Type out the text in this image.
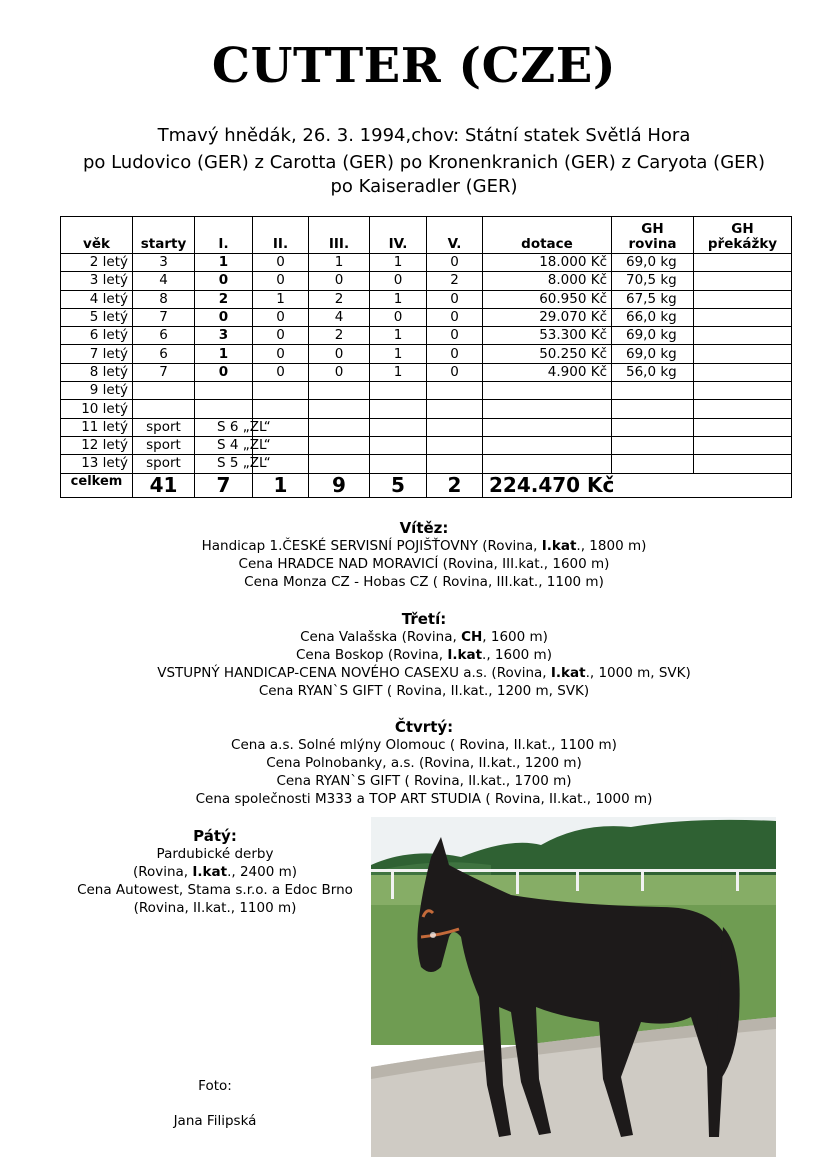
CUTTER (CZE)
Tmavý hnědák, 26. 3. 1994,chov: Státní statek Světlá Hora
po Ludovico (GER) z Carotta (GER) po Kronenkranich (GER) z Caryota (GER)
po Kaiseradler (GER)
věk	starty	I.	II.	III.	IV.	V.	dotace	GH rovina	GH překážky
2 letý	3	1	0	1	1	0	18.000 Kč	69,0 kg	
3 letý	4	0	0	0	0	2	8.000 Kč	70,5 kg	
4 letý	8	2	1	2	1	0	60.950 Kč	67,5 kg	
5 letý	7	0	0	4	0	0	29.070 Kč	66,0 kg	
6 letý	6	3	0	2	1	0	53.300 Kč	69,0 kg	
7 letý	6	1	0	0	1	0	50.250 Kč	69,0 kg	
8 letý	7	0	0	0	1	0	4.900 Kč	56,0 kg	
9 letý									
10 letý									
11 letý	sport	S 6 „ZL“							
12 letý	sport	S 4 „ZL“							
13 letý	sport	S 5 „ZL“							
celkem	41	7	1	9	5	2	224.470 Kč		
Vítěz:
Handicap 1.ČESKÉ SERVISNÍ POJIŠŤOVNY (Rovina, I.kat., 1800 m)
Cena HRADCE NAD MORAVICÍ (Rovina, III.kat., 1600 m)
Cena Monza CZ - Hobas CZ ( Rovina, III.kat., 1100 m)
Třetí:
Cena Valašska (Rovina, CH, 1600 m)
Cena Boskop (Rovina, I.kat., 1600 m)
VSTUPNÝ HANDICAP-CENA NOVÉHO CASEXU a.s. (Rovina, I.kat., 1000 m, SVK)
Cena RYAN`S GIFT ( Rovina, II.kat., 1200 m, SVK)
Čtvrtý:
Cena a.s. Solné mlýny Olomouc ( Rovina, II.kat., 1100 m)
Cena Polnobanky, a.s. (Rovina, II.kat., 1200 m)
Cena RYAN`S GIFT ( Rovina, II.kat., 1700 m)
Cena společnosti M333 a TOP ART STUDIA ( Rovina, II.kat., 1000 m)
Pátý:
Pardubické derby
(Rovina, I.kat., 2400 m)
Cena Autowest, Stama s.r.o. a Edoc Brno
(Rovina, II.kat., 1100 m)
Foto:
Jana Filipská
